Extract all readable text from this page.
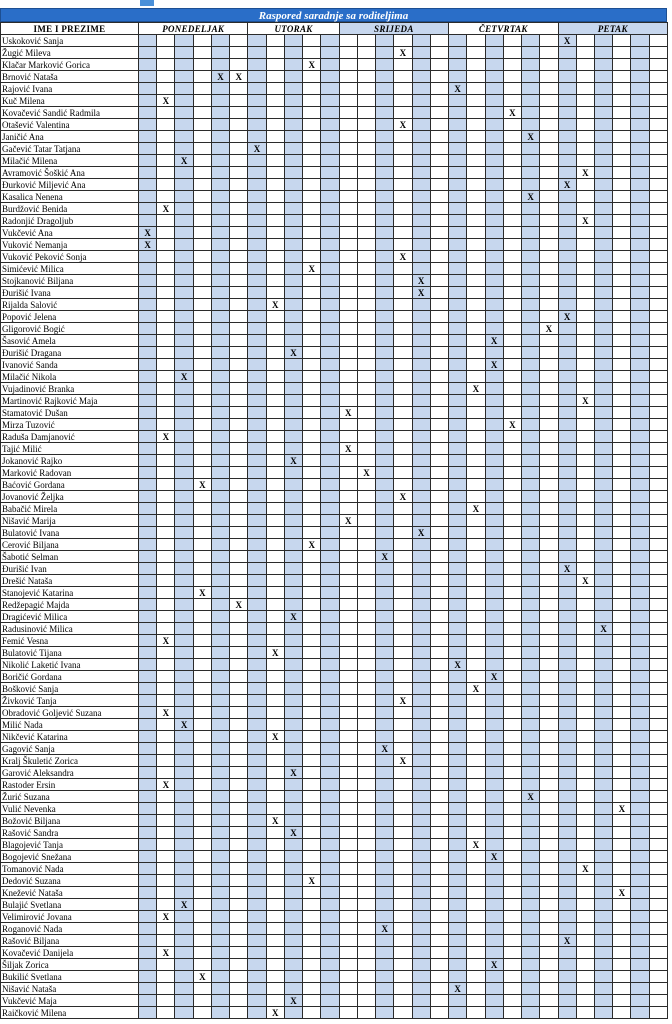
Raspored saradnje sa roditeljima
IME I PREZIME	PONEDELJAK						UTORAK					SRIJEDA						ČETVRTAK						PETAK					
Uskoković Sanja																								X					
Žugić Mileva															X														
Klačar Marković Gorica										X																			
Brnović Nataša					X	X																							
Rajović Ivana																		X											
Kuč Milena		X																											
Kovačević Sandić Radmila																					X								
Otašević Valentina															X														
Janičić Ana																						X							
Gačević Tatar Tatjana							X																						
Milačić Milena			X																										
Avramović Šoškić Ana																									X				
Đurković Miljević Ana																								X					
Kasalica Nenena																						X							
Burdžović Benida		X																											
Radonjić Dragoljub																									X				
Vukčević Ana	X																												
Vuković Nemanja	X																												
Vuković Peković Sonja															X														
Simićević Milica										X																			
Stojkanović Biljana																X													
Đurišić Ivana																X													
Rijalda Salović								X																					
Popović Jelena																								X					
Gligorović Bogić																							X						
Šasović Amela																				X									
Đurišić Dragana									X																				
Ivanović Sanda																				X									
Milačić Nikola			X																										
Vujadinović Branka																			X										
Martinović Rajković Maja																									X				
Stamatović Dušan												X																	
Mirza Tuzović																					X								
Raduša Damjanović		X																											
Tajić Milić												X																	
Jokanović Rajko									X																				
Marković Radovan													X																
Baćović Gordana				X																									
Jovanović Željka															X														
Babačić Mirela																			X										
Nišavić Marija												X																	
Bulatović Ivana																X													
Cerović Biljana										X																			
Šabotić Selman														X															
Đurišić Ivan																								X					
Drešić Nataša																									X				
Stanojević Katarina				X																									
Redžepagić Majda						X																							
Dragićević Milica									X																				
Radusinović Milica																										X			
Femić Vesna		X																											
Bulatović Tijana								X																					
Nikolić Laketić Ivana																		X											
Boričić Gordana																				X									
Bošković Sanja																			X										
Živković Tanja															X														
Obradović Goljević Suzana		X																											
Milić Nada			X																										
Nikčević Katarina								X																					
Gagović Sanja														X															
Kralj Škuletić Zorica															X														
Garović Aleksandra									X																				
Rastoder Ersin		X																											
Žurić Suzana																						X							
Vulić Nevenka																											X		
Božović Biljana								X																					
Rašović Sandra									X																				
Blagojević Tanja																			X										
Bogojević Snežana																				X									
Tomanović Nada																									X				
Dedović Suzana										X																			
Knežević Nataša																											X		
Bulajić Svetlana			X																										
Velimirović Jovana		X																											
Roganović Nada														X															
Rašović Biljana																								X					
Kovačević Danijela		X																											
Šiljak Zorica																				X									
Bukilić Svetlana				X																									
Nišavić Nataša																		X											
Vukčević Maja									X																				
Raičković Milena								X																					
